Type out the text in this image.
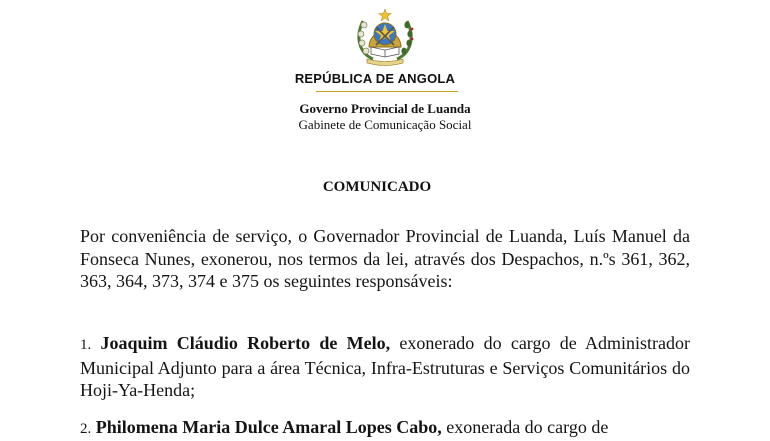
REPÚBLICA DE ANGOLA
Governo Provincial de Luanda
Gabinete de Comunicação Social
COMUNICADO

Por conveniência de serviço, o Governador Provincial de Luanda, Luís Manuel da Fonseca Nunes, exonerou, nos termos da lei, através dos Despachos, n.ºs 361, 362, 363, 364, 373, 374 e 375 os seguintes responsáveis:

1. Joaquim Cláudio Roberto de Melo, exonerado do cargo de Administrador Municipal Adjunto para a área Técnica, Infra-Estruturas e Serviços Comunitários do Hoji-Ya-Henda;

2. Philomena Maria Dulce Amaral Lopes Cabo, exonerada do cargo de
